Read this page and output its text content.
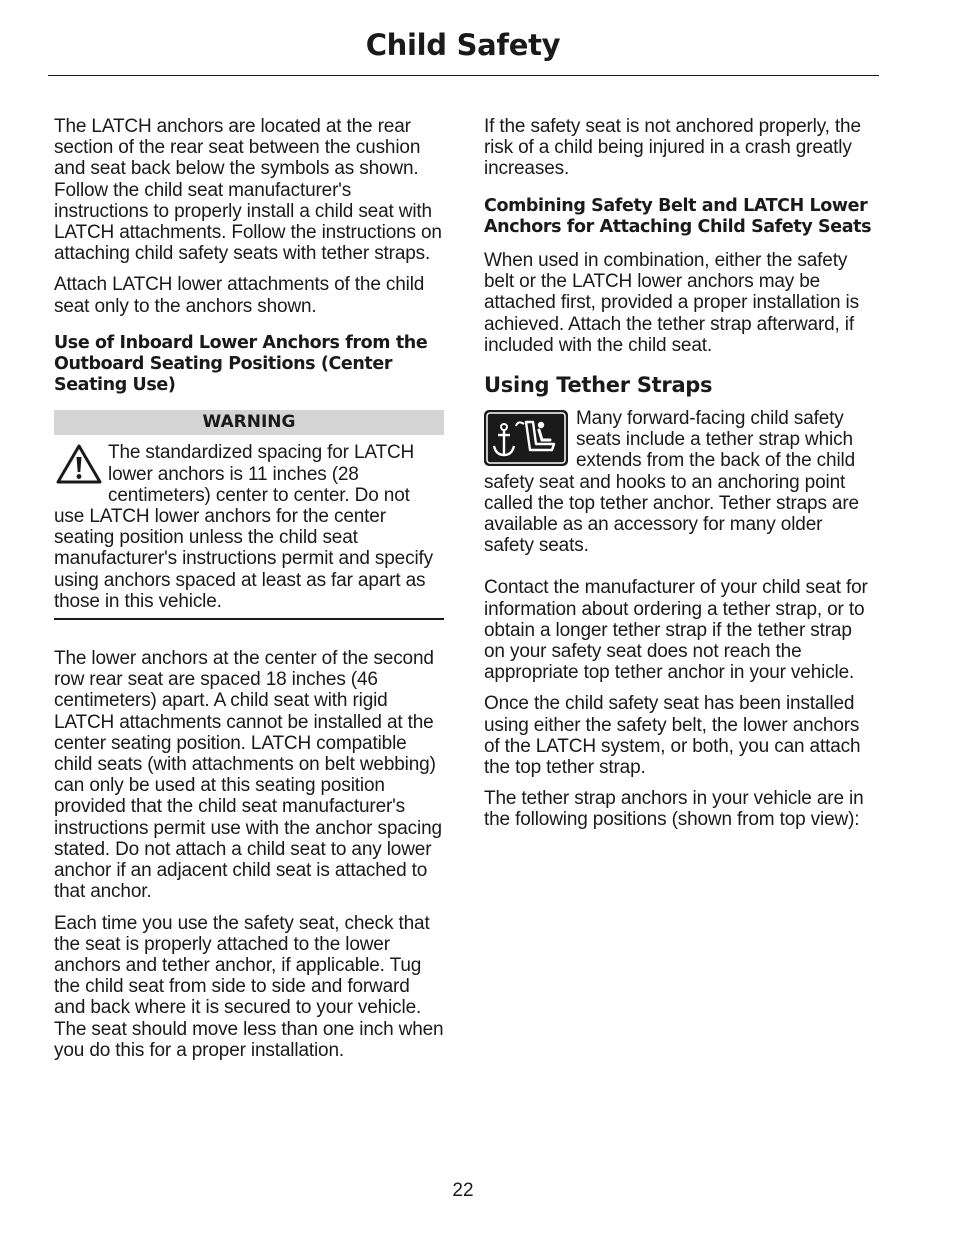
Child Safety

The LATCH anchors are located at the rear section of the rear seat between the cushion and seat back below the symbols as shown. Follow the child seat manufacturer's instructions to properly install a child seat with LATCH attachments. Follow the instructions on attaching child safety seats with tether straps.

Attach LATCH lower attachments of the child seat only to the anchors shown.

Use of Inboard Lower Anchors from the Outboard Seating Positions (Center Seating Use)
WARNING

The standardized spacing for LATCH lower anchors is 11 inches (28 centimeters) center to center. Do not use LATCH lower anchors for the center seating position unless the child seat manufacturer's instructions permit and specify using anchors spaced at least as far apart as those in this vehicle.

The lower anchors at the center of the second row rear seat are spaced 18 inches (46 centimeters) apart. A child seat with rigid LATCH attachments cannot be installed at the center seating position. LATCH compatible child seats (with attachments on belt webbing) can only be used at this seating position provided that the child seat manufacturer's instructions permit use with the anchor spacing stated. Do not attach a child seat to any lower anchor if an adjacent child seat is attached to that anchor.

Each time you use the safety seat, check that the seat is properly attached to the lower anchors and tether anchor, if applicable. Tug the child seat from side to side and forward and back where it is secured to your vehicle. The seat should move less than one inch when you do this for a proper installation.

If the safety seat is not anchored properly, the risk of a child being injured in a crash greatly increases.

Combining Safety Belt and LATCH Lower Anchors for Attaching Child Safety Seats

When used in combination, either the safety belt or the LATCH lower anchors may be attached first, provided a proper installation is achieved. Attach the tether strap afterward, if included with the child seat.

Using Tether Straps

Many forward-facing child safety seats include a tether strap which extends from the back of the child safety seat and hooks to an anchoring point called the top tether anchor. Tether straps are available as an accessory for many older safety seats.

Contact the manufacturer of your child seat for information about ordering a tether strap, or to obtain a longer tether strap if the tether strap on your safety seat does not reach the appropriate top tether anchor in your vehicle.

Once the child safety seat has been installed using either the safety belt, the lower anchors of the LATCH system, or both, you can attach the top tether strap.

The tether strap anchors in your vehicle are in the following positions (shown from top view):

22
